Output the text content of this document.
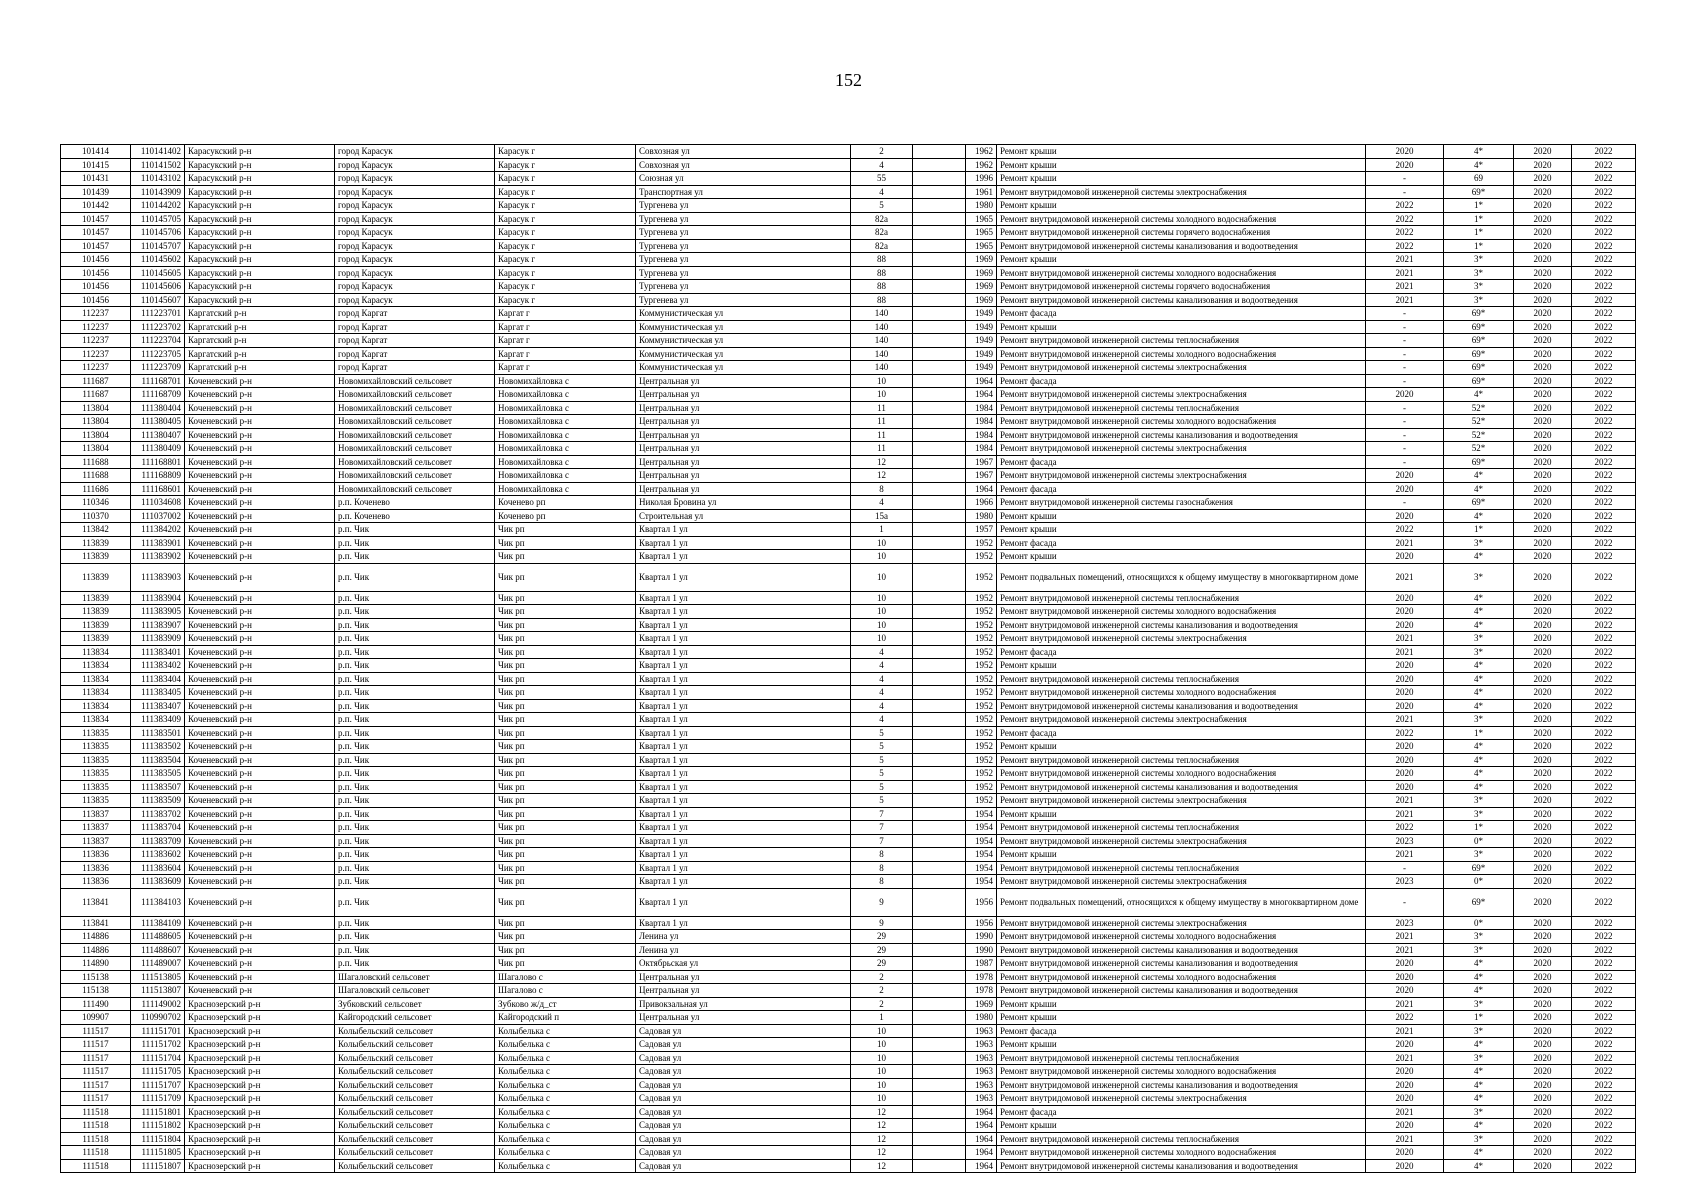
152
101414	110141402	Карасукский р-н	город Карасук	Карасук г	Совхозная ул	2		1962	Ремонт крыши	2020	4*	2020	2022
101415	110141502	Карасукский р-н	город Карасук	Карасук г	Совхозная ул	4		1962	Ремонт крыши	2020	4*	2020	2022
101431	110143102	Карасукский р-н	город Карасук	Карасук г	Союзная ул	55		1996	Ремонт крыши	-	69	2020	2022
101439	110143909	Карасукский р-н	город Карасук	Карасук г	Транспортная ул	4		1961	Ремонт внутридомовой инженерной системы электроснабжения	-	69*	2020	2022
101442	110144202	Карасукский р-н	город Карасук	Карасук г	Тургенева ул	5		1980	Ремонт крыши	2022	1*	2020	2022
101457	110145705	Карасукский р-н	город Карасук	Карасук г	Тургенева ул	82а		1965	Ремонт внутридомовой инженерной системы холодного водоснабжения	2022	1*	2020	2022
101457	110145706	Карасукский р-н	город Карасук	Карасук г	Тургенева ул	82а		1965	Ремонт внутридомовой инженерной системы горячего водоснабжения	2022	1*	2020	2022
101457	110145707	Карасукский р-н	город Карасук	Карасук г	Тургенева ул	82а		1965	Ремонт внутридомовой инженерной системы канализования и водоотведения	2022	1*	2020	2022
101456	110145602	Карасукский р-н	город Карасук	Карасук г	Тургенева ул	88		1969	Ремонт крыши	2021	3*	2020	2022
101456	110145605	Карасукский р-н	город Карасук	Карасук г	Тургенева ул	88		1969	Ремонт внутридомовой инженерной системы холодного водоснабжения	2021	3*	2020	2022
101456	110145606	Карасукский р-н	город Карасук	Карасук г	Тургенева ул	88		1969	Ремонт внутридомовой инженерной системы горячего водоснабжения	2021	3*	2020	2022
101456	110145607	Карасукский р-н	город Карасук	Карасук г	Тургенева ул	88		1969	Ремонт внутридомовой инженерной системы канализования и водоотведения	2021	3*	2020	2022
112237	111223701	Каргатский р-н	город Каргат	Каргат г	Коммунистическая ул	140		1949	Ремонт фасада	-	69*	2020	2022
112237	111223702	Каргатский р-н	город Каргат	Каргат г	Коммунистическая ул	140		1949	Ремонт крыши	-	69*	2020	2022
112237	111223704	Каргатский р-н	город Каргат	Каргат г	Коммунистическая ул	140		1949	Ремонт внутридомовой инженерной системы теплоснабжения	-	69*	2020	2022
112237	111223705	Каргатский р-н	город Каргат	Каргат г	Коммунистическая ул	140		1949	Ремонт внутридомовой инженерной системы холодного водоснабжения	-	69*	2020	2022
112237	111223709	Каргатский р-н	город Каргат	Каргат г	Коммунистическая ул	140		1949	Ремонт внутридомовой инженерной системы электроснабжения	-	69*	2020	2022
111687	111168701	Коченевский р-н	Новомихайловский сельсовет	Новомихайловка с	Центральная ул	10		1964	Ремонт фасада	-	69*	2020	2022
111687	111168709	Коченевский р-н	Новомихайловский сельсовет	Новомихайловка с	Центральная ул	10		1964	Ремонт внутридомовой инженерной системы электроснабжения	2020	4*	2020	2022
113804	111380404	Коченевский р-н	Новомихайловский сельсовет	Новомихайловка с	Центральная ул	11		1984	Ремонт внутридомовой инженерной системы теплоснабжения	-	52*	2020	2022
113804	111380405	Коченевский р-н	Новомихайловский сельсовет	Новомихайловка с	Центральная ул	11		1984	Ремонт внутридомовой инженерной системы холодного водоснабжения	-	52*	2020	2022
113804	111380407	Коченевский р-н	Новомихайловский сельсовет	Новомихайловка с	Центральная ул	11		1984	Ремонт внутридомовой инженерной системы канализования и водоотведения	-	52*	2020	2022
113804	111380409	Коченевский р-н	Новомихайловский сельсовет	Новомихайловка с	Центральная ул	11		1984	Ремонт внутридомовой инженерной системы электроснабжения	-	52*	2020	2022
111688	111168801	Коченевский р-н	Новомихайловский сельсовет	Новомихайловка с	Центральная ул	12		1967	Ремонт фасада	-	69*	2020	2022
111688	111168809	Коченевский р-н	Новомихайловский сельсовет	Новомихайловка с	Центральная ул	12		1967	Ремонт внутридомовой инженерной системы электроснабжения	2020	4*	2020	2022
111686	111168601	Коченевский р-н	Новомихайловский сельсовет	Новомихайловка с	Центральная ул	8		1964	Ремонт фасада	2020	4*	2020	2022
110346	111034608	Коченевский р-н	р.п. Коченево	Коченево рп	Николая Бровина ул	4		1966	Ремонт внутридомовой инженерной системы газоснабжения	-	69*	2020	2022
110370	111037002	Коченевский р-н	р.п. Коченево	Коченево рп	Строительная ул	15а		1980	Ремонт крыши	2020	4*	2020	2022
113842	111384202	Коченевский р-н	р.п. Чик	Чик рп	Квартал 1 ул	1		1957	Ремонт крыши	2022	1*	2020	2022
113839	111383901	Коченевский р-н	р.п. Чик	Чик рп	Квартал 1 ул	10		1952	Ремонт фасада	2021	3*	2020	2022
113839	111383902	Коченевский р-н	р.п. Чик	Чик рп	Квартал 1 ул	10		1952	Ремонт крыши	2020	4*	2020	2022
113839	111383903	Коченевский р-н	р.п. Чик	Чик рп	Квартал 1 ул	10		1952	Ремонт подвальных помещений, относящихся к общему имуществу в многоквартирном доме	2021	3*	2020	2022
113839	111383904	Коченевский р-н	р.п. Чик	Чик рп	Квартал 1 ул	10		1952	Ремонт внутридомовой инженерной системы теплоснабжения	2020	4*	2020	2022
113839	111383905	Коченевский р-н	р.п. Чик	Чик рп	Квартал 1 ул	10		1952	Ремонт внутридомовой инженерной системы холодного водоснабжения	2020	4*	2020	2022
113839	111383907	Коченевский р-н	р.п. Чик	Чик рп	Квартал 1 ул	10		1952	Ремонт внутридомовой инженерной системы канализования и водоотведения	2020	4*	2020	2022
113839	111383909	Коченевский р-н	р.п. Чик	Чик рп	Квартал 1 ул	10		1952	Ремонт внутридомовой инженерной системы электроснабжения	2021	3*	2020	2022
113834	111383401	Коченевский р-н	р.п. Чик	Чик рп	Квартал 1 ул	4		1952	Ремонт фасада	2021	3*	2020	2022
113834	111383402	Коченевский р-н	р.п. Чик	Чик рп	Квартал 1 ул	4		1952	Ремонт крыши	2020	4*	2020	2022
113834	111383404	Коченевский р-н	р.п. Чик	Чик рп	Квартал 1 ул	4		1952	Ремонт внутридомовой инженерной системы теплоснабжения	2020	4*	2020	2022
113834	111383405	Коченевский р-н	р.п. Чик	Чик рп	Квартал 1 ул	4		1952	Ремонт внутридомовой инженерной системы холодного водоснабжения	2020	4*	2020	2022
113834	111383407	Коченевский р-н	р.п. Чик	Чик рп	Квартал 1 ул	4		1952	Ремонт внутридомовой инженерной системы канализования и водоотведения	2020	4*	2020	2022
113834	111383409	Коченевский р-н	р.п. Чик	Чик рп	Квартал 1 ул	4		1952	Ремонт внутридомовой инженерной системы электроснабжения	2021	3*	2020	2022
113835	111383501	Коченевский р-н	р.п. Чик	Чик рп	Квартал 1 ул	5		1952	Ремонт фасада	2022	1*	2020	2022
113835	111383502	Коченевский р-н	р.п. Чик	Чик рп	Квартал 1 ул	5		1952	Ремонт крыши	2020	4*	2020	2022
113835	111383504	Коченевский р-н	р.п. Чик	Чик рп	Квартал 1 ул	5		1952	Ремонт внутридомовой инженерной системы теплоснабжения	2020	4*	2020	2022
113835	111383505	Коченевский р-н	р.п. Чик	Чик рп	Квартал 1 ул	5		1952	Ремонт внутридомовой инженерной системы холодного водоснабжения	2020	4*	2020	2022
113835	111383507	Коченевский р-н	р.п. Чик	Чик рп	Квартал 1 ул	5		1952	Ремонт внутридомовой инженерной системы канализования и водоотведения	2020	4*	2020	2022
113835	111383509	Коченевский р-н	р.п. Чик	Чик рп	Квартал 1 ул	5		1952	Ремонт внутридомовой инженерной системы электроснабжения	2021	3*	2020	2022
113837	111383702	Коченевский р-н	р.п. Чик	Чик рп	Квартал 1 ул	7		1954	Ремонт крыши	2021	3*	2020	2022
113837	111383704	Коченевский р-н	р.п. Чик	Чик рп	Квартал 1 ул	7		1954	Ремонт внутридомовой инженерной системы теплоснабжения	2022	1*	2020	2022
113837	111383709	Коченевский р-н	р.п. Чик	Чик рп	Квартал 1 ул	7		1954	Ремонт внутридомовой инженерной системы электроснабжения	2023	0*	2020	2022
113836	111383602	Коченевский р-н	р.п. Чик	Чик рп	Квартал 1 ул	8		1954	Ремонт крыши	2021	3*	2020	2022
113836	111383604	Коченевский р-н	р.п. Чик	Чик рп	Квартал 1 ул	8		1954	Ремонт внутридомовой инженерной системы теплоснабжения	-	69*	2020	2022
113836	111383609	Коченевский р-н	р.п. Чик	Чик рп	Квартал 1 ул	8		1954	Ремонт внутридомовой инженерной системы электроснабжения	2023	0*	2020	2022
113841	111384103	Коченевский р-н	р.п. Чик	Чик рп	Квартал 1 ул	9		1956	Ремонт подвальных помещений, относящихся к общему имуществу в многоквартирном доме	-	69*	2020	2022
113841	111384109	Коченевский р-н	р.п. Чик	Чик рп	Квартал 1 ул	9		1956	Ремонт внутридомовой инженерной системы электроснабжения	2023	0*	2020	2022
114886	111488605	Коченевский р-н	р.п. Чик	Чик рп	Ленина ул	29		1990	Ремонт внутридомовой инженерной системы холодного водоснабжения	2021	3*	2020	2022
114886	111488607	Коченевский р-н	р.п. Чик	Чик рп	Ленина ул	29		1990	Ремонт внутридомовой инженерной системы канализования и водоотведения	2021	3*	2020	2022
114890	111489007	Коченевский р-н	р.п. Чик	Чик рп	Октябрьская ул	29		1987	Ремонт внутридомовой инженерной системы канализования и водоотведения	2020	4*	2020	2022
115138	111513805	Коченевский р-н	Шагаловский сельсовет	Шагалово с	Центральная ул	2		1978	Ремонт внутридомовой инженерной системы холодного водоснабжения	2020	4*	2020	2022
115138	111513807	Коченевский р-н	Шагаловский сельсовет	Шагалово с	Центральная ул	2		1978	Ремонт внутридомовой инженерной системы канализования и водоотведения	2020	4*	2020	2022
111490	111149002	Краснозерский р-н	Зубковский сельсовет	Зубково ж/д_ст	Привокзальная ул	2		1969	Ремонт крыши	2021	3*	2020	2022
109907	110990702	Краснозерский р-н	Кайгородский сельсовет	Кайгородский п	Центральная ул	1		1980	Ремонт крыши	2022	1*	2020	2022
111517	111151701	Краснозерский р-н	Колыбельский сельсовет	Колыбелька с	Садовая ул	10		1963	Ремонт фасада	2021	3*	2020	2022
111517	111151702	Краснозерский р-н	Колыбельский сельсовет	Колыбелька с	Садовая ул	10		1963	Ремонт крыши	2020	4*	2020	2022
111517	111151704	Краснозерский р-н	Колыбельский сельсовет	Колыбелька с	Садовая ул	10		1963	Ремонт внутридомовой инженерной системы теплоснабжения	2021	3*	2020	2022
111517	111151705	Краснозерский р-н	Колыбельский сельсовет	Колыбелька с	Садовая ул	10		1963	Ремонт внутридомовой инженерной системы холодного водоснабжения	2020	4*	2020	2022
111517	111151707	Краснозерский р-н	Колыбельский сельсовет	Колыбелька с	Садовая ул	10		1963	Ремонт внутридомовой инженерной системы канализования и водоотведения	2020	4*	2020	2022
111517	111151709	Краснозерский р-н	Колыбельский сельсовет	Колыбелька с	Садовая ул	10		1963	Ремонт внутридомовой инженерной системы электроснабжения	2020	4*	2020	2022
111518	111151801	Краснозерский р-н	Колыбельский сельсовет	Колыбелька с	Садовая ул	12		1964	Ремонт фасада	2021	3*	2020	2022
111518	111151802	Краснозерский р-н	Колыбельский сельсовет	Колыбелька с	Садовая ул	12		1964	Ремонт крыши	2020	4*	2020	2022
111518	111151804	Краснозерский р-н	Колыбельский сельсовет	Колыбелька с	Садовая ул	12		1964	Ремонт внутридомовой инженерной системы теплоснабжения	2021	3*	2020	2022
111518	111151805	Краснозерский р-н	Колыбельский сельсовет	Колыбелька с	Садовая ул	12		1964	Ремонт внутридомовой инженерной системы холодного водоснабжения	2020	4*	2020	2022
111518	111151807	Краснозерский р-н	Колыбельский сельсовет	Колыбелька с	Садовая ул	12		1964	Ремонт внутридомовой инженерной системы канализования и водоотведения	2020	4*	2020	2022
